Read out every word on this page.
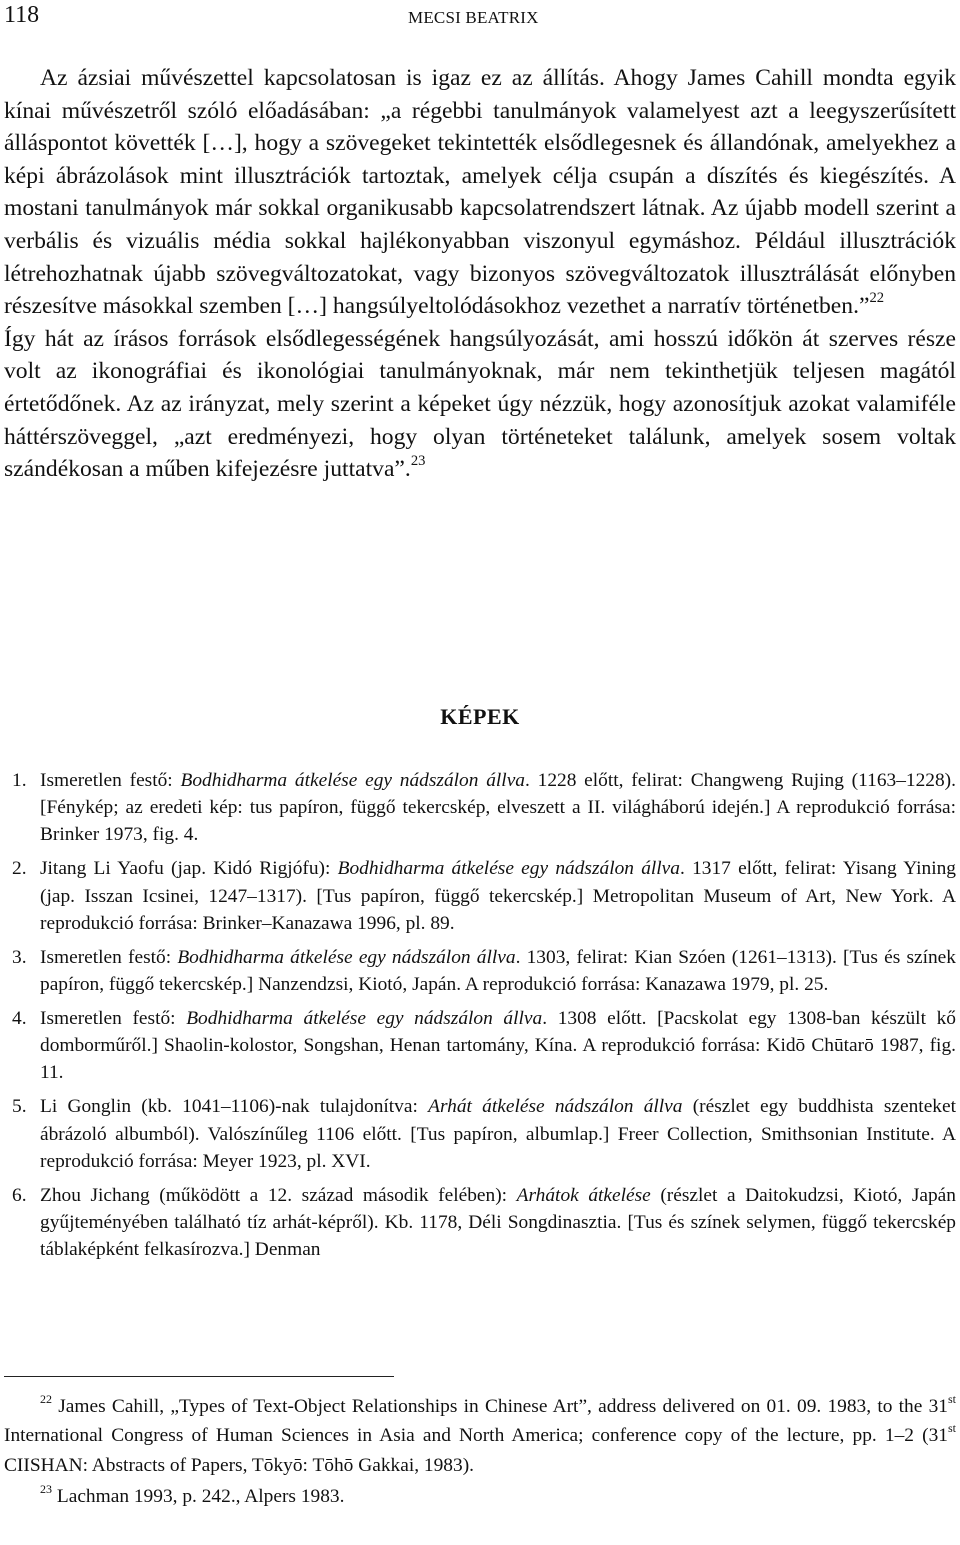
118	MECSI BEATRIX

Az ázsiai művészettel kapcsolatosan is igaz ez az állítás. Ahogy James Cahill mondta egyik kínai művészetről szóló előadásában: „a régebbi tanulmányok valamelyest azt a leegyszerűsített álláspontot követték […], hogy a szövegeket tekintették elsődlegesnek és állandónak, amelyekhez a képi ábrázolások mint illusztrációk tartoztak, amelyek célja csupán a díszítés és kiegészítés. A mostani tanulmányok már sokkal organikusabb kapcsolatrendszert látnak. Az újabb modell szerint a verbális és vizuális média sokkal hajlékonyabban viszonyul egymáshoz. Például illusztrációk létrehozhatnak újabb szövegváltozatokat, vagy bizonyos szövegváltozatok illusztrálását előnyben részesítve másokkal szemben […] hangsúlyeltolódásokhoz vezethet a narratív történetben.”$^{22}$

Így hát az írásos források elsődlegességének hangsúlyozását, ami hosszú időkön át szerves része volt az ikonográfiai és ikonológiai tanulmányoknak, már nem tekinthetjük teljesen magától értetődőnek. Az az irányzat, mely szerint a képeket úgy nézzük, hogy azonosítjuk azokat valamiféle háttérszöveggel, „azt eredményezi, hogy olyan történeteket találunk, amelyek sosem voltak szándékosan a műben kifejezésre juttatva”.$^{23}$

KÉPEK
1. Ismeretlen festő: Bodhidharma átkelése egy nádszálon állva. 1228 előtt, felirat: Changweng Rujing (1163–1228). [Fénykép; az eredeti kép: tus papíron, függő tekercskép, elveszett a II. világháború idején.] A reprodukció forrása: Brinker 1973, fig. 4.
2. Jitang Li Yaofu (jap. Kidó Rigjófu): Bodhidharma átkelése egy nádszálon állva. 1317 előtt, felirat: Yisang Yining (jap. Isszan Icsinei, 1247–1317). [Tus papíron, függő tekercskép.] Metropolitan Museum of Art, New York. A reprodukció forrása: Brinker–Kanazawa 1996, pl. 89.
3. Ismeretlen festő: Bodhidharma átkelése egy nádszálon állva. 1303, felirat: Kian Szóen (1261–1313). [Tus és színek papíron, függő tekercskép.] Nanzendzsi, Kiotó, Japán. A reprodukció forrása: Kanazawa 1979, pl. 25.
4. Ismeretlen festő: Bodhidharma átkelése egy nádszálon állva. 1308 előtt. [Pacskolat egy 1308-ban készült kő domborműről.] Shaolin-kolostor, Songshan, Henan tartomány, Kína. A reprodukció forrása: Kidō Chūtarō 1987, fig. 11.
5. Li Gonglin (kb. 1041–1106)-nak tulajdonítva: Arhát átkelése nádszálon állva (részlet egy buddhista szenteket ábrázoló albumból). Valószínűleg 1106 előtt. [Tus papíron, albumlap.] Freer Collection, Smithsonian Institute. A reprodukció forrása: Meyer 1923, pl. XVI.
6. Zhou Jichang (működött a 12. század második felében): Arhátok átkelése (részlet a Daitokudzsi, Kiotó, Japán gyűjteményében található tíz arhát-képről). Kb. 1178, Déli Songdinasztia. [Tus és színek selymen, függő tekercskép táblaképként felkasírozva.] Denman

$^{22}$ James Cahill, „Types of Text-Object Relationships in Chinese Art”, address delivered on 01. 09. 1983, to the 31st International Congress of Human Sciences in Asia and North America; conference copy of the lecture, pp. 1–2 (31st CIISHAN: Abstracts of Papers, Tōkyō: Tōhō Gakkai, 1983).

$^{23}$ Lachman 1993, p. 242., Alpers 1983.
